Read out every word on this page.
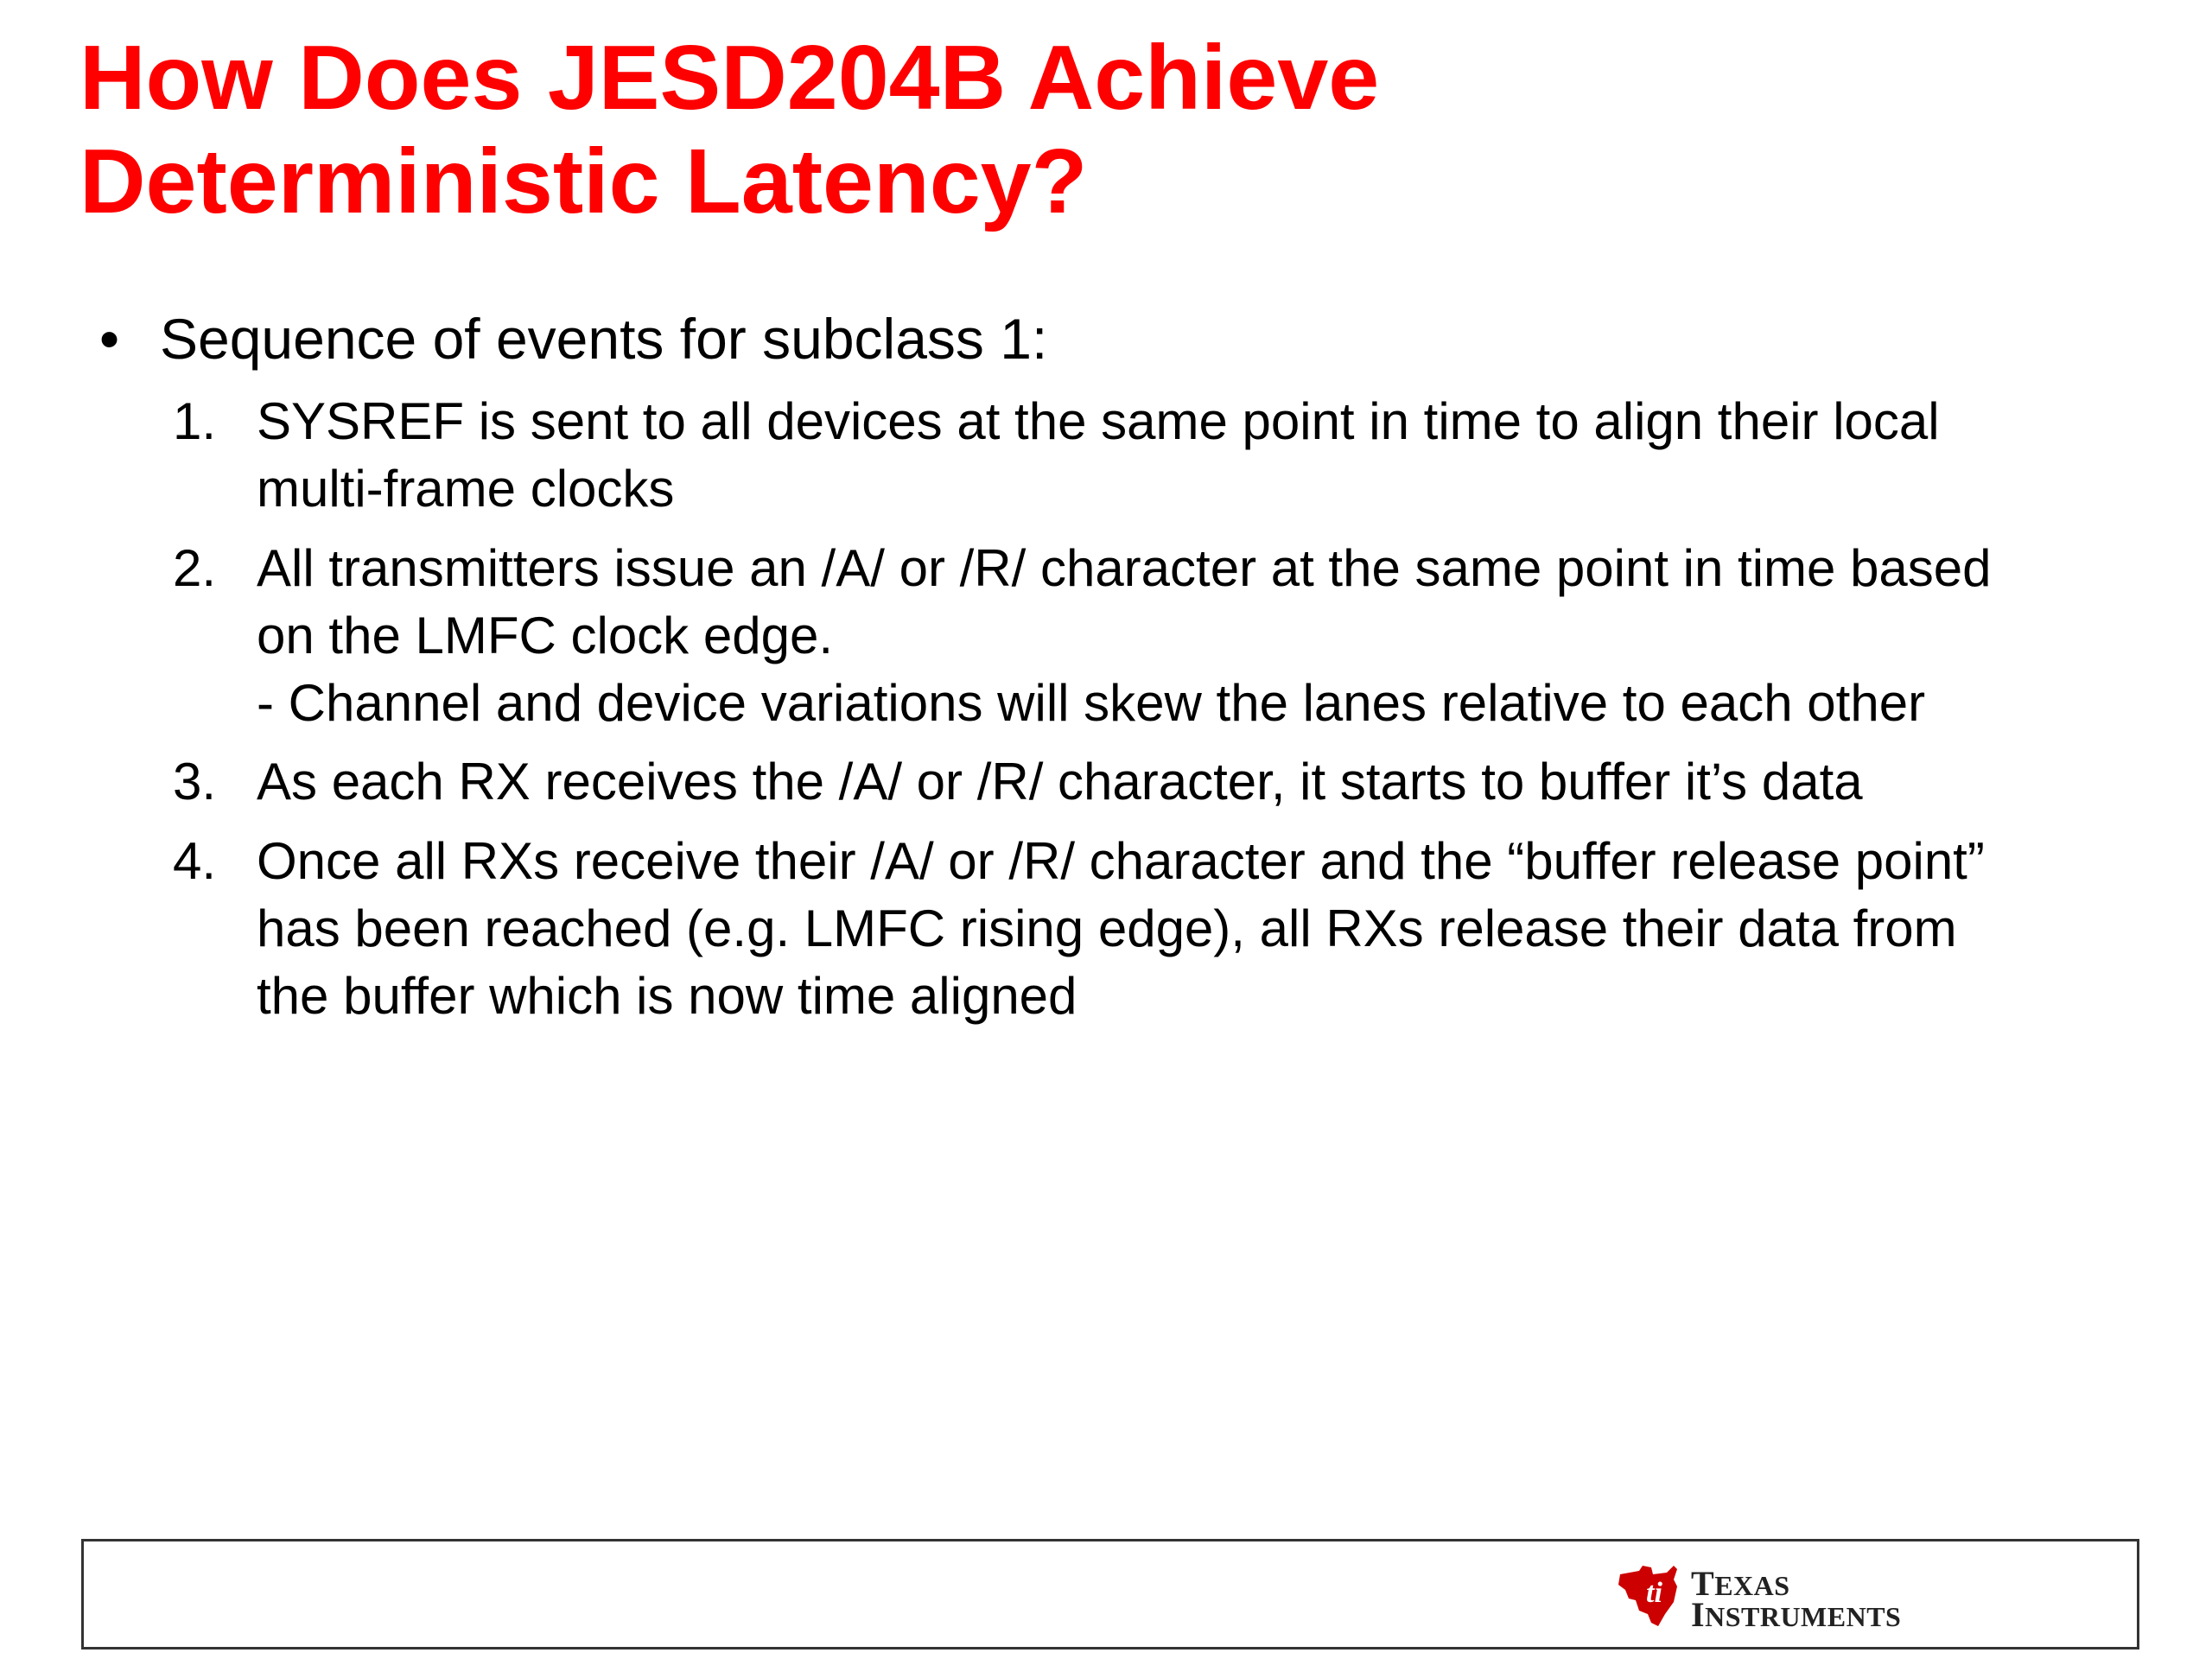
How Does JESD204B Achieve
Deterministic Latency?
• Sequence of events for subclass 1:
1. SYSREF is sent to all devices at the same point in time to align their local
multi-frame clocks
2. All transmitters issue an /A/ or /R/ character at the same point in time based
on the LMFC clock edge.
- Channel and device variations will skew the lanes relative to each other
3. As each RX receives the /A/ or /R/ character, it starts to buffer it’s data
4. Once all RXs receive their /A/ or /R/ character and the “buffer release point”
has been reached (e.g. LMFC rising edge), all RXs release their data from
the buffer which is now time aligned
ti TEXAS
INSTRUMENTS
